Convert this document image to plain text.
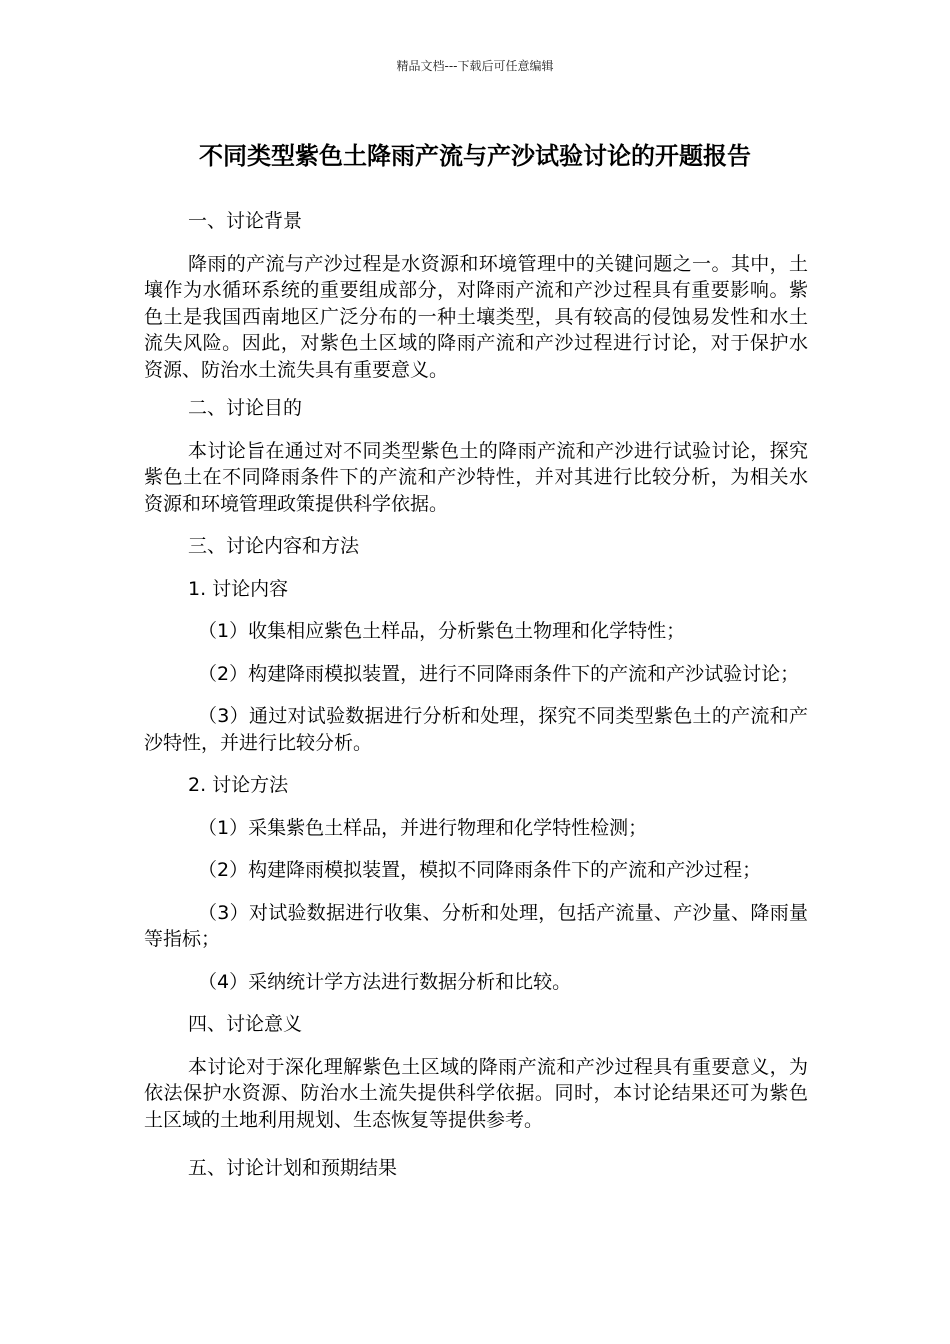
精品文档---下载后可任意编辑
不同类型紫色土降雨产流与产沙试验讨论的开题报告

一、讨论背景

降雨的产流与产沙过程是水资源和环境管理中的关键问题之一。其中，土壤作为水循环系统的重要组成部分，对降雨产流和产沙过程具有重要影响。紫色土是我国西南地区广泛分布的一种土壤类型，具有较高的侵蚀易发性和水土流失风险。因此，对紫色土区域的降雨产流和产沙过程进行讨论，对于保护水资源、防治水土流失具有重要意义。

二、讨论目的

本讨论旨在通过对不同类型紫色土的降雨产流和产沙进行试验讨论，探究紫色土在不同降雨条件下的产流和产沙特性，并对其进行比较分析，为相关水资源和环境管理政策提供科学依据。

三、讨论内容和方法

1. 讨论内容

（1）收集相应紫色土样品，分析紫色土物理和化学特性；

（2）构建降雨模拟装置，进行不同降雨条件下的产流和产沙试验讨论；

（3）通过对试验数据进行分析和处理，探究不同类型紫色土的产流和产沙特性，并进行比较分析。

2. 讨论方法

（1）采集紫色土样品，并进行物理和化学特性检测；

（2）构建降雨模拟装置，模拟不同降雨条件下的产流和产沙过程；

（3）对试验数据进行收集、分析和处理，包括产流量、产沙量、降雨量等指标；

（4）采纳统计学方法进行数据分析和比较。

四、讨论意义

本讨论对于深化理解紫色土区域的降雨产流和产沙过程具有重要意义，为依法保护水资源、防治水土流失提供科学依据。同时，本讨论结果还可为紫色土区域的土地利用规划、生态恢复等提供参考。

五、讨论计划和预期结果
